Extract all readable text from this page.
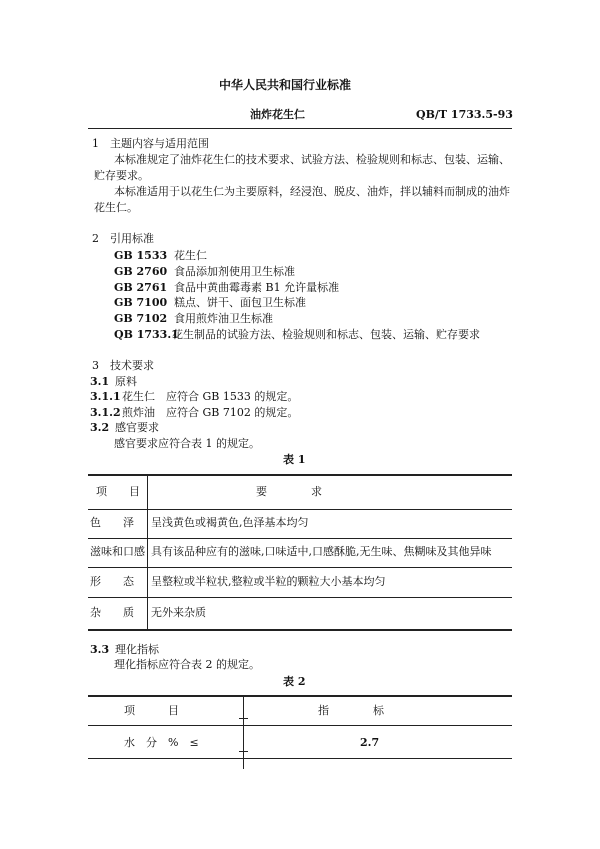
中华人民共和国行业标准
油炸花生仁	QB/T 1733.5-93
1 主题内容与适用范围
本标准规定了油炸花生仁的技术要求、试验方法、检验规则和标志、包装、运输、
贮存要求。
本标准适用于以花生仁为主要原料，经浸泡、脱皮、油炸，拌以辅料而制成的油炸
花生仁。
2 引用标准
GB 1533 花生仁
GB 2760 食品添加剂使用卫生标准
GB 2761 食品中黄曲霉毒素 B1 允许量标准
GB 7100 糕点、饼干、面包卫生标准
GB 7102 食用煎炸油卫生标准
QB 1733.1
花生制品的试验方法、检验规则和标志、包装、运输、贮存要求
3 技术要求
3.1 原料
3.1.1 花生仁　应符合 GB 1533 的规定。
3.1.2 煎炸油　应符合 GB 7102 的规定。
3.2 感官要求
感官要求应符合表 1 的规定。
表 1
项　　目	要　　　　求
色　　泽 呈浅黄色或褐黄色,色泽基本均匀
滋味和口感 具有该品种应有的滋味,口味适中,口感酥脆,无生味、焦糊味及其他异味
形　　态 呈整粒或半粒状,整粒或半粒的颗粒大小基本均匀
杂　　质 无外来杂质
3.3 理化指标
理化指标应符合表 2 的规定。
表 2
项　　　目	指　　　　标
水　分　%　≤	2.7
